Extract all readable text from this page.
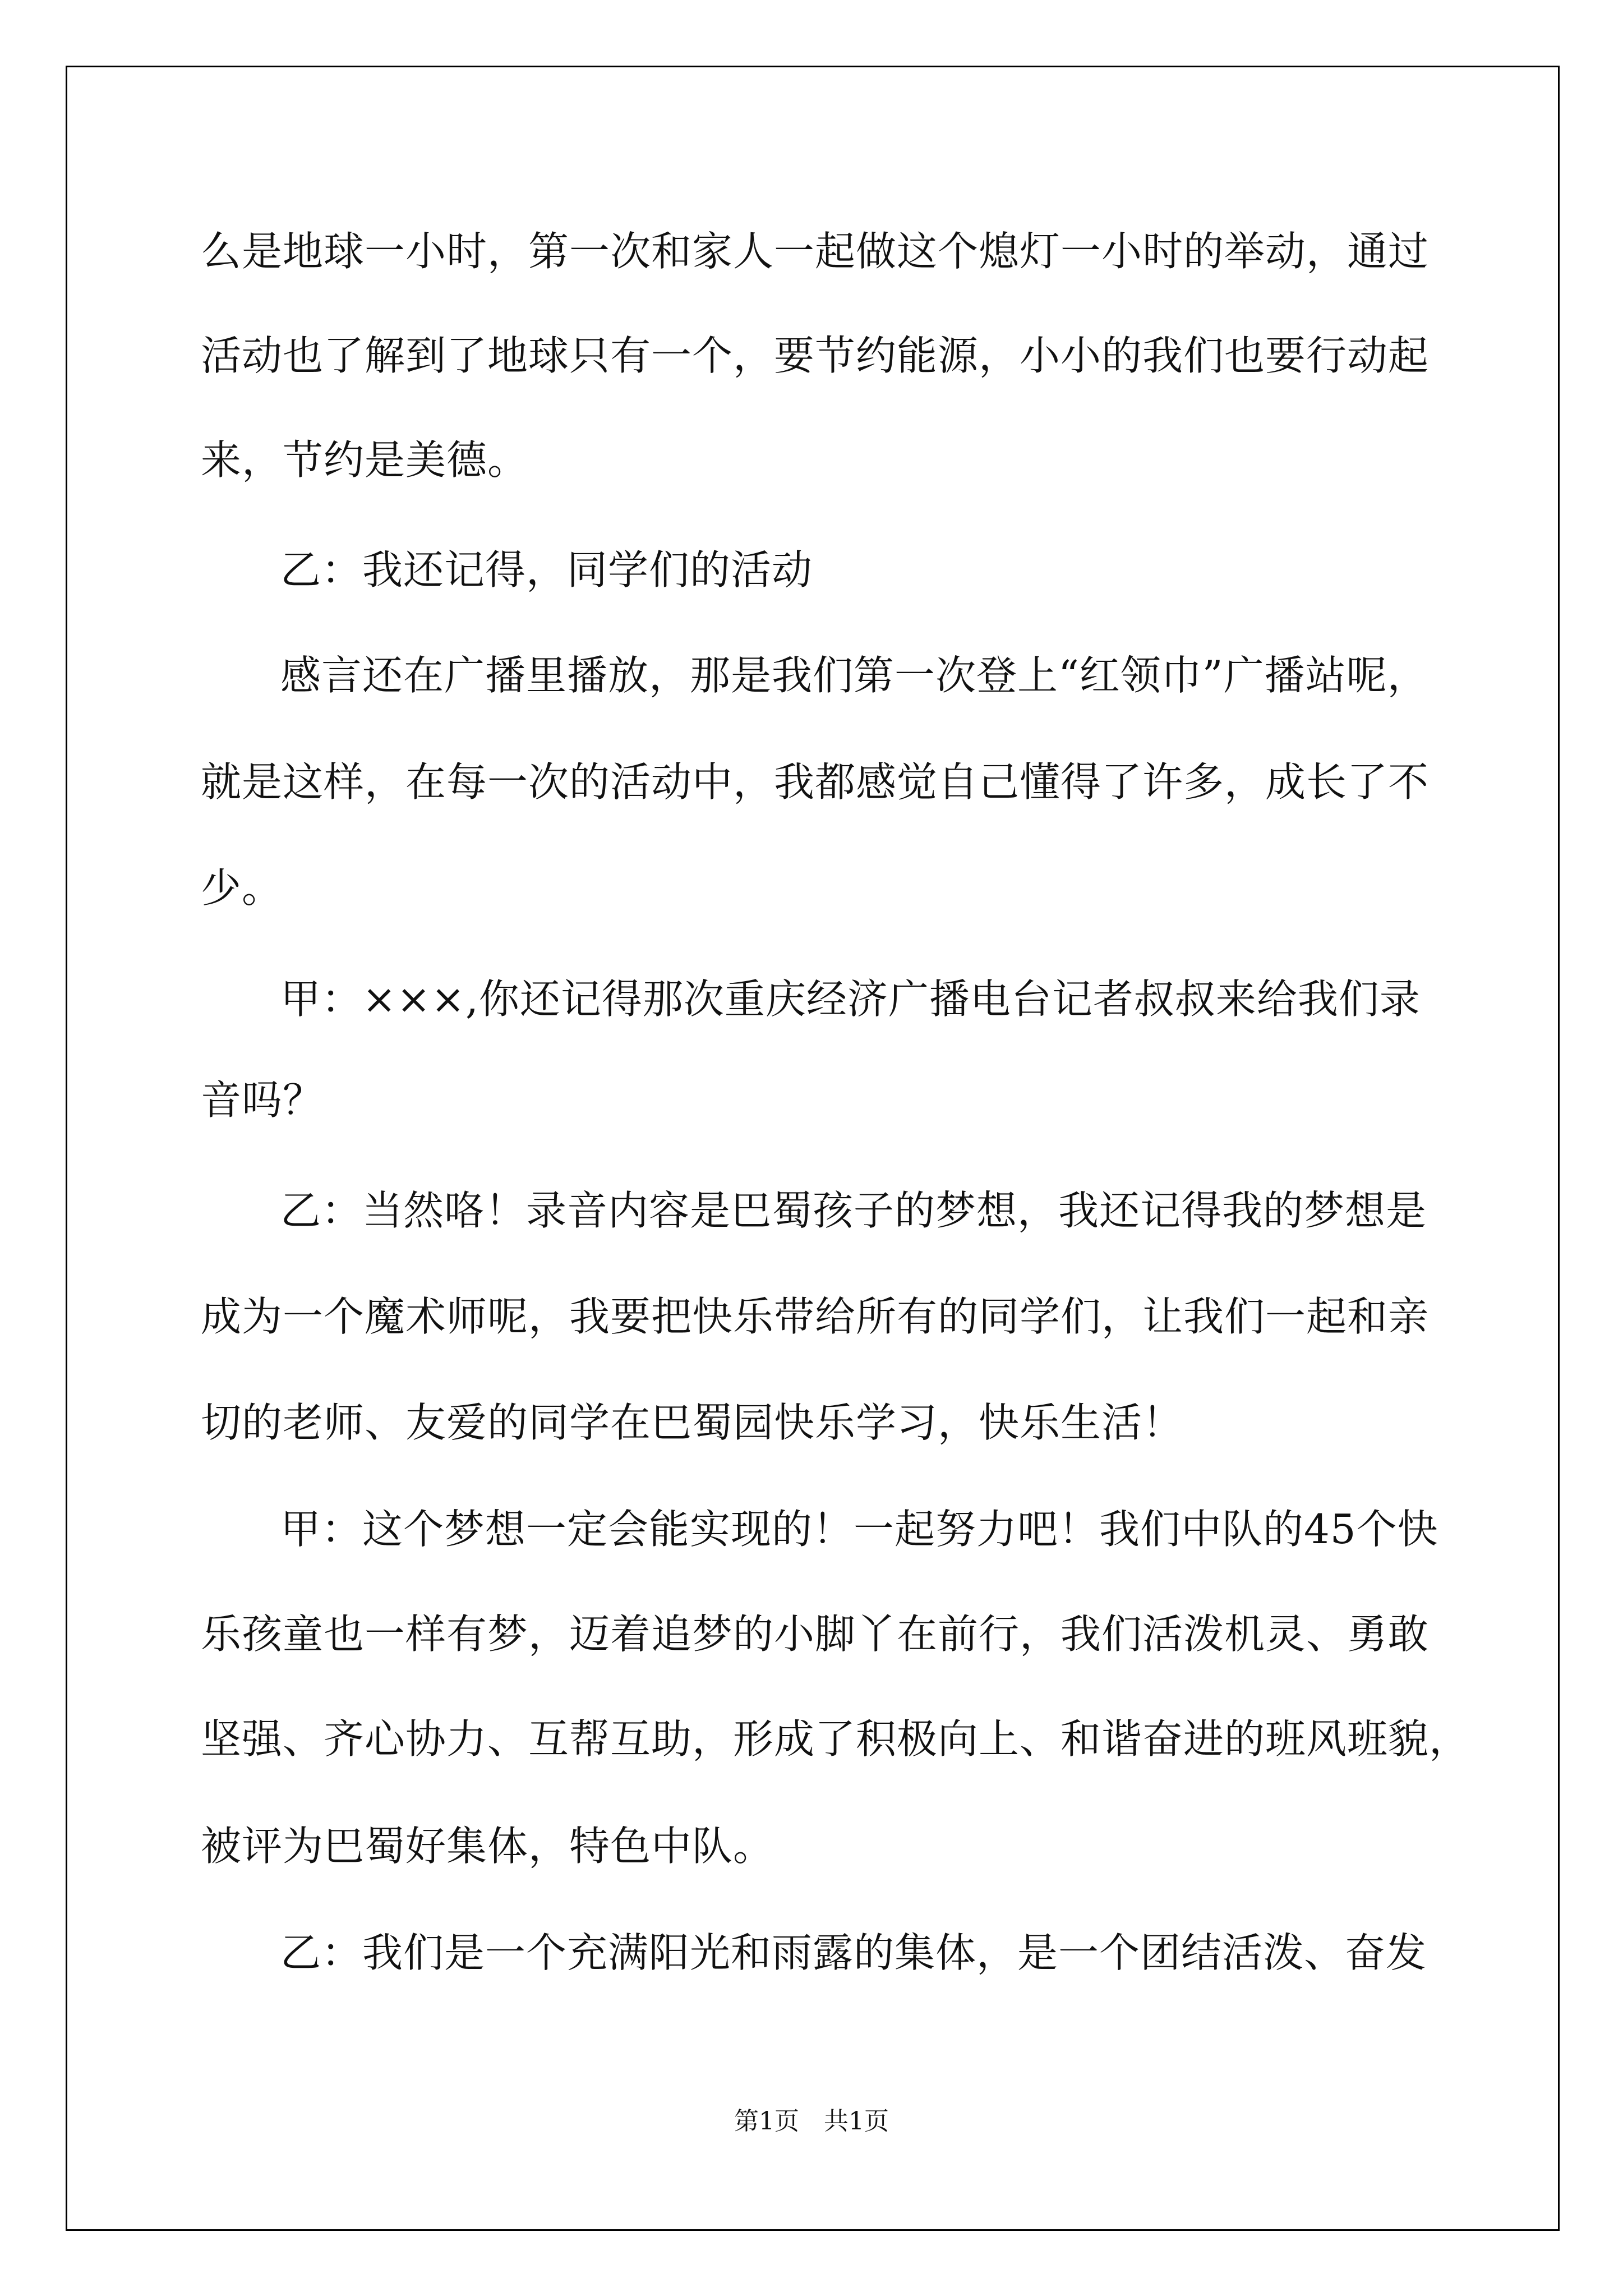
么是地球一小时，第一次和家人一起做这个熄灯一小时的举动，通过

活动也了解到了地球只有一个，要节约能源，小小的我们也要行动起

来，节约是美德。

乙：我还记得，同学们的活动

感言还在广播里播放，那是我们第一次登上“红领巾”广播站呢，

就是这样，在每一次的活动中，我都感觉自己懂得了许多，成长了不

少。

甲：×××,你还记得那次重庆经济广播电台记者叔叔来给我们录

音吗？

乙：当然咯！录音内容是巴蜀孩子的梦想，我还记得我的梦想是

成为一个魔术师呢，我要把快乐带给所有的同学们，让我们一起和亲

切的老师、友爱的同学在巴蜀园快乐学习，快乐生活！

甲：这个梦想一定会能实现的！一起努力吧！我们中队的45个快

乐孩童也一样有梦，迈着追梦的小脚丫在前行，我们活泼机灵、勇敢

坚强、齐心协力、互帮互助，形成了积极向上、和谐奋进的班风班貌，

被评为巴蜀好集体，特色中队。

乙：我们是一个充满阳光和雨露的集体，是一个团结活泼、奋发

第1页　共1页
